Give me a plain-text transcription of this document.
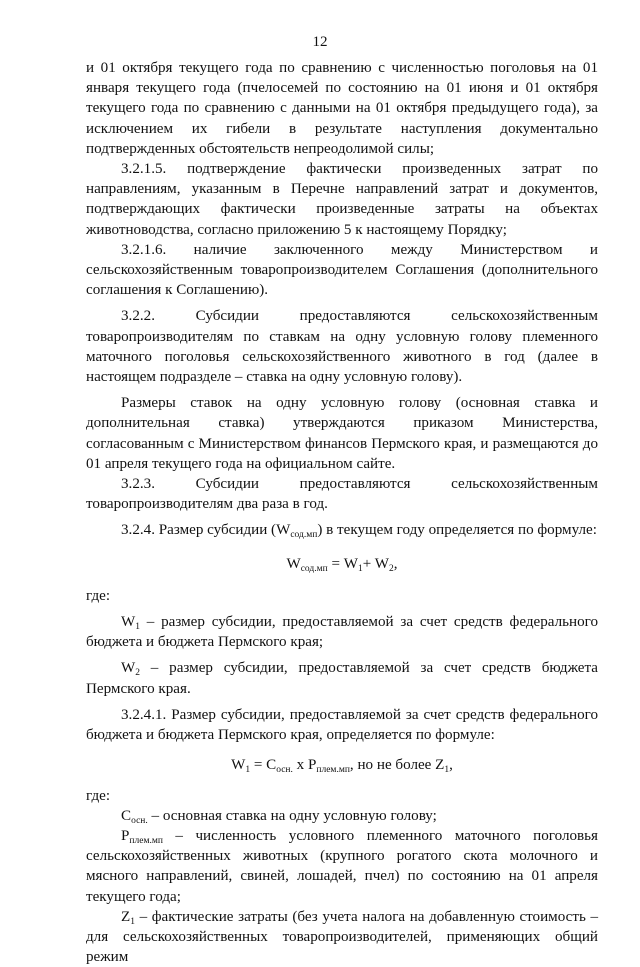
12

и 01 октября текущего года по сравнению с численностью поголовья на 01 января текущего года (пчелосемей по состоянию на 01 июня и 01 октября текущего года по сравнению с данными на 01 октября предыдущего года), за исключением их гибели в результате наступления документально подтвержденных обстоятельств непреодолимой силы;

3.2.1.5. подтверждение фактически произведенных затрат по направлениям, указанным в Перечне направлений затрат и документов, подтверждающих фактически произведенные затраты на объектах животноводства, согласно приложению 5 к настоящему Порядку;

3.2.1.6. наличие заключенного между Министерством и сельскохозяйственным товаропроизводителем Соглашения (дополнительного соглашения к Соглашению).

3.2.2. Субсидии предоставляются сельскохозяйственным товаропроизводителям по ставкам на одну условную голову племенного маточного поголовья сельскохозяйственного животного в год (далее в настоящем подразделе – ставка на одну условную голову).

Размеры ставок на одну условную голову (основная ставка и дополнительная ставка) утверждаются приказом Министерства, согласованным с Министерством финансов Пермского края, и размещаются до 01 апреля текущего года на официальном сайте.

3.2.3. Субсидии предоставляются сельскохозяйственным товаропроизводителям два раза в год.

3.2.4. Размер субсидии $(W_{сод.мп})$ в текущем году определяется по формуле:

$W_{сод.мп} = W_1+ W_2$,

где:

$W_1$ – размер субсидии, предоставляемой за счет средств федерального бюджета и бюджета Пермского края;

$W_2$ – размер субсидии, предоставляемой за счет средств бюджета Пермского края.

3.2.4.1. Размер субсидии, предоставляемой за счет средств федерального бюджета и бюджета Пермского края, определяется по формуле:

$W_1 = C_{осн.}$ x $P_{плем.мп}$, но не более $Z_1$,

где:

$C_{осн.}$ – основная ставка на одну условную голову;

$P_{плем.мп}$ – численность условного племенного маточного поголовья сельскохозяйственных животных (крупного рогатого скота молочного и мясного направлений, свиней, лошадей, пчел) по состоянию на 01 апреля текущего года;

$Z_1$ – фактические затраты (без учета налога на добавленную стоимость – для сельскохозяйственных товаропроизводителей, применяющих общий режим
